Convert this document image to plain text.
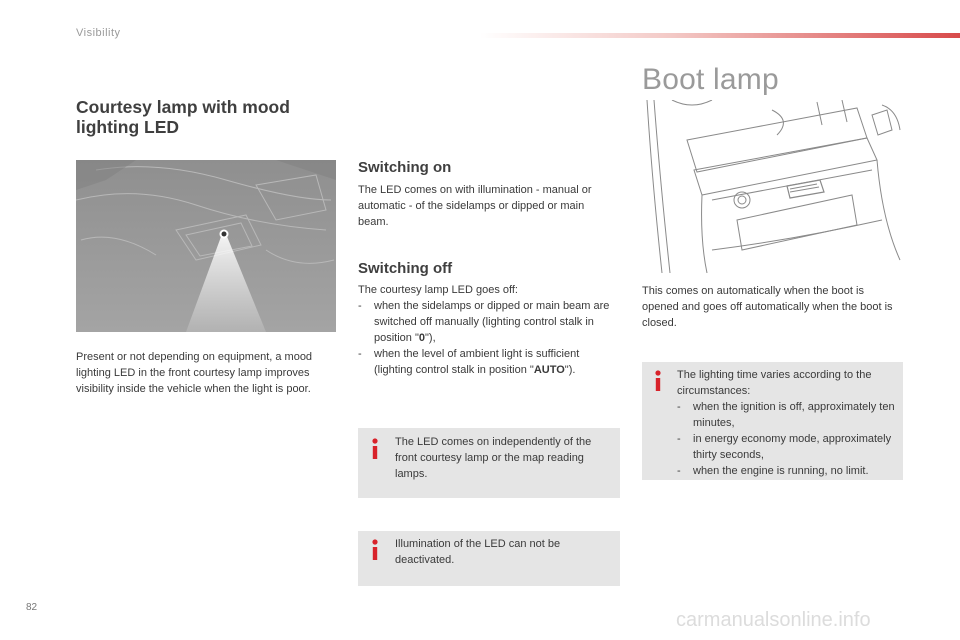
Visibility
Courtesy lamp with mood lighting LED
Present or not depending on equipment, a mood lighting LED in the front courtesy lamp improves visibility inside the vehicle when the light is poor.
Switching on
The LED comes on with illumination - manual or automatic - of the sidelamps or dipped or main beam.
Switching off
The courtesy lamp LED goes off:
- when the sidelamps or dipped or main beam are switched off manually (lighting control stalk in position "0"),
- when the level of ambient light is sufficient (lighting control stalk in position "AUTO").
The LED comes on independently of the front courtesy lamp or the map reading lamps.
Illumination of the LED can not be deactivated.
Boot lamp
This comes on automatically when the boot is opened and goes off automatically when the boot is closed.
The lighting time varies according to the circumstances:
- when the ignition is off, approximately ten minutes,
- in energy economy mode, approximately thirty seconds,
- when the engine is running, no limit.
82
carmanualsonline.info
